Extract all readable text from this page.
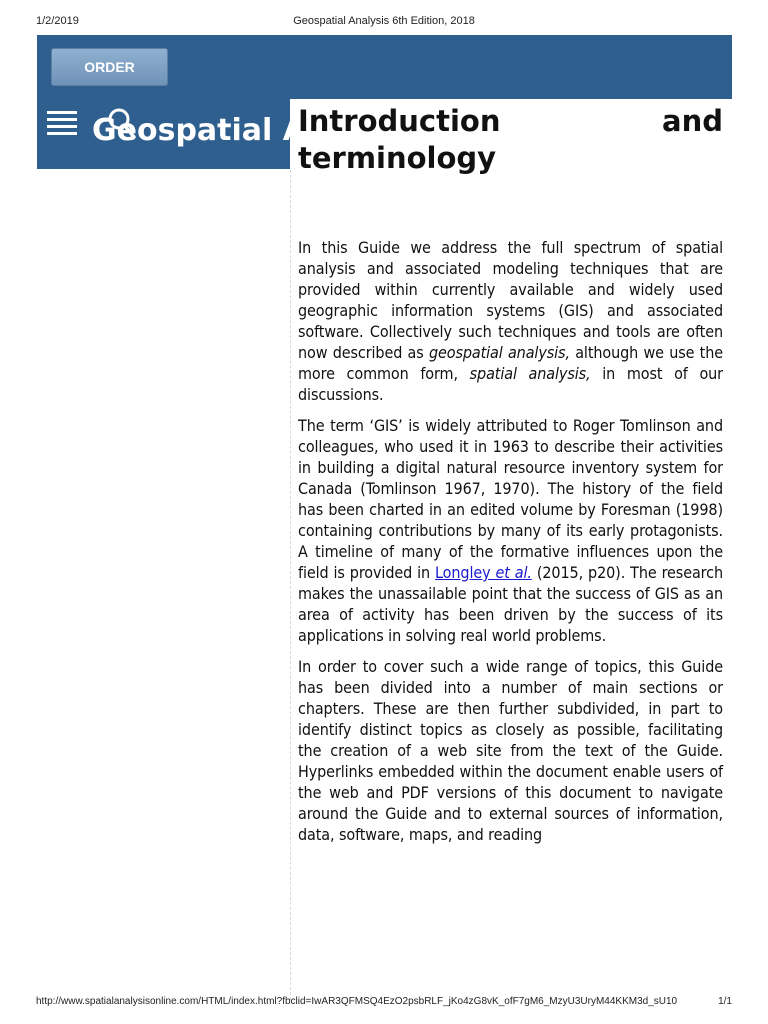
1/2/2019	Geospatial Analysis 6th Edition, 2018
ORDER
Geospatial Analysis
Introduction and
terminology

In this Guide we address the full spectrum of spatial analysis and associated modeling techniques that are provided within currently available and widely used geographic information systems (GIS) and associated software. Collectively such techniques and tools are often now described as geospatial analysis, although we use the more common form, spatial analysis, in most of our discussions.

The term ‘GIS’ is widely attributed to Roger Tomlinson and colleagues, who used it in 1963 to describe their activities in building a digital natural resource inventory system for Canada (Tomlinson 1967, 1970). The history of the field has been charted in an edited volume by Foresman (1998) containing contributions by many of its early protagonists. A timeline of many of the formative influences upon the field is provided in Longley et al. (2015, p20). The research makes the unassailable point that the success of GIS as an area of activity has been driven by the success of its applications in solving real world problems.

In order to cover such a wide range of topics, this Guide has been divided into a number of main sections or chapters. These are then further subdivided, in part to identify distinct topics as closely as possible, facilitating the creation of a web site from the text of the Guide. Hyperlinks embedded within the document enable users of the web and PDF versions of this document to navigate around the Guide and to external sources of information, data, software, maps, and reading

http://www.spatialanalysisonline.com/HTML/index.html?fbclid=IwAR3QFMSQ4EzO2psbRLF_jKo4zG8vK_ofF7gM6_MzyU3UryM44KKM3d_sU10	1/1
